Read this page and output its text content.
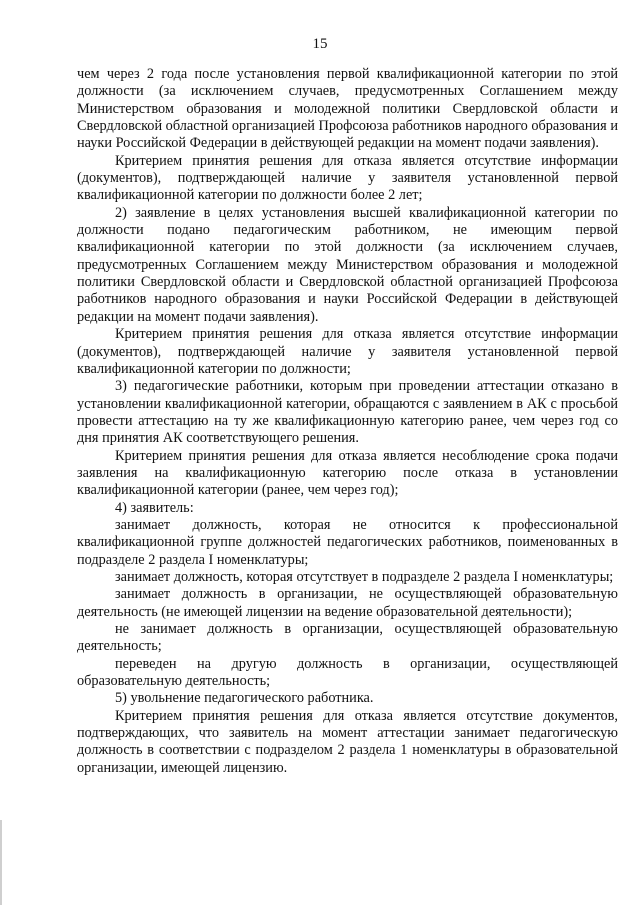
15

чем через 2 года после установления первой квалификационной категории по этой должности (за исключением случаев, предусмотренных Соглашением между Министерством образования и молодежной политики Свердловской области и Свердловской областной организацией Профсоюза работников народного образования и науки Российской Федерации в действующей редакции на момент подачи заявления).

Критерием принятия решения для отказа является отсутствие информации (документов), подтверждающей наличие у заявителя установленной первой квалификационной категории по должности более 2 лет;

2) заявление в целях установления высшей квалификационной категории по должности подано педагогическим работником, не имеющим первой квалификационной категории по этой должности (за исключением случаев, предусмотренных Соглашением между Министерством образования и молодежной политики Свердловской области и Свердловской областной организацией Профсоюза работников народного образования и науки Российской Федерации в действующей редакции на момент подачи заявления).

Критерием принятия решения для отказа является отсутствие информации (документов), подтверждающей наличие у заявителя установленной первой квалификационной категории по должности;

3) педагогические работники, которым при проведении аттестации отказано в установлении квалификационной категории, обращаются с заявлением в АК с просьбой провести аттестацию на ту же квалификационную категорию ранее, чем через год со дня принятия АК соответствующего решения.

Критерием принятия решения для отказа является несоблюдение срока подачи заявления на квалификационную категорию после отказа в установлении квалификационной категории (ранее, чем через год);

4) заявитель:

занимает должность, которая не относится к профессиональной квалификационной группе должностей педагогических работников, поименованных в подразделе 2 раздела I номенклатуры;

занимает должность, которая отсутствует в подразделе 2 раздела I номенклатуры;

занимает должность в организации, не осуществляющей образовательную деятельность (не имеющей лицензии на ведение образовательной деятельности);

не занимает должность в организации, осуществляющей образовательную деятельность;

переведен на другую должность в организации, осуществляющей образовательную деятельность;

5) увольнение педагогического работника.

Критерием принятия решения для отказа является отсутствие документов, подтверждающих, что заявитель на момент аттестации занимает педагогическую должность в соответствии с подразделом 2 раздела 1 номенклатуры в образовательной организации, имеющей лицензию.
